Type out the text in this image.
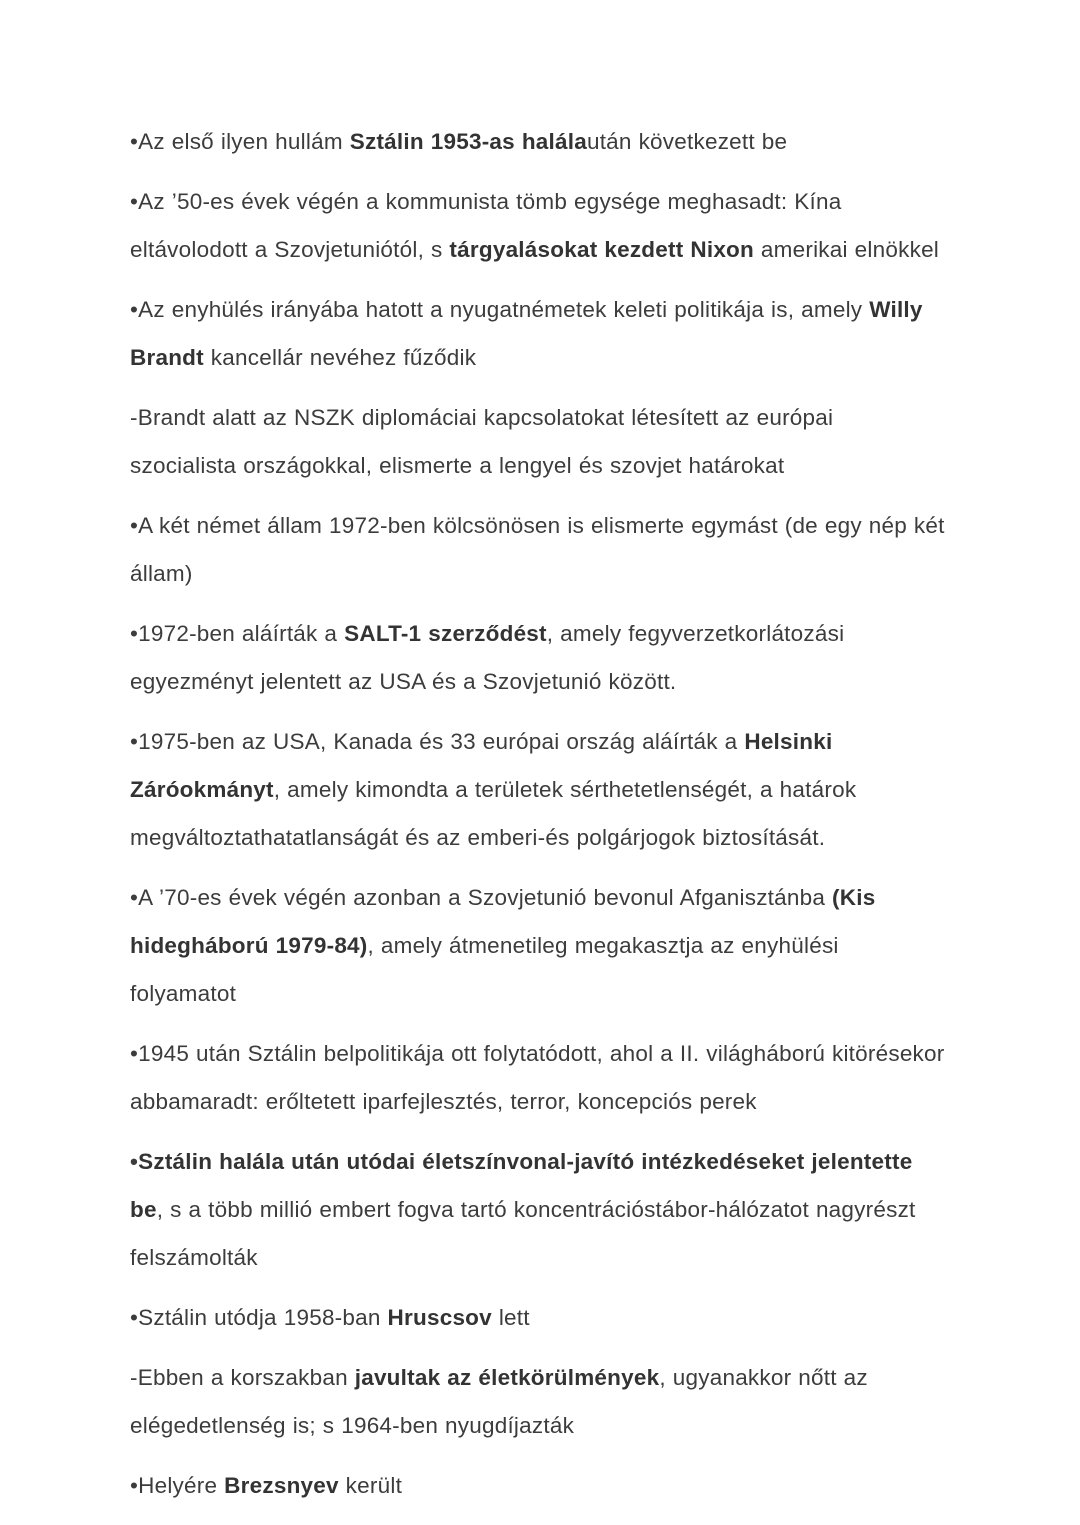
•Az első ilyen hullám Sztálin 1953-as halálaután következett be

•Az ’50-es évek végén a kommunista tömb egysége meghasadt: Kína eltávolodott a Szovjetuniótól, s tárgyalásokat kezdett Nixon amerikai elnökkel

•Az enyhülés irányába hatott a nyugatnémetek keleti politikája is, amely Willy Brandt kancellár nevéhez fűződik

-Brandt alatt az NSZK diplomáciai kapcsolatokat létesített az európai szocialista országokkal, elismerte a lengyel és szovjet határokat

•A két német állam 1972-ben kölcsönösen is elismerte egymást (de egy nép két állam)

•1972-ben aláírták a SALT-1 szerződést, amely fegyverzetkorlátozási egyezményt jelentett az USA és a Szovjetunió között.

•1975-ben az USA, Kanada és 33 európai ország aláírták a Helsinki Záróokmányt, amely kimondta a területek sérthetetlenségét, a határok megváltoztathatatlanságát és az emberi-és polgárjogok biztosítását.

•A ’70-es évek végén azonban a Szovjetunió bevonul Afganisztánba (Kis hidegháború 1979-84), amely átmenetileg megakasztja az enyhülési folyamatot

•1945 után Sztálin belpolitikája ott folytatódott, ahol a II. világháború kitörésekor abbamaradt: erőltetett iparfejlesztés, terror, koncepciós perek

•Sztálin halála után utódai életszínvonal-javító intézkedéseket jelentette be, s a több millió embert fogva tartó koncentrációstábor-hálózatot nagyrészt felszámolták

•Sztálin utódja 1958-ban Hruscsov lett

-Ebben a korszakban javultak az életkörülmények, ugyanakkor nőtt az elégedetlenség is; s 1964-ben nyugdíjazták

•Helyére Brezsnyev került
